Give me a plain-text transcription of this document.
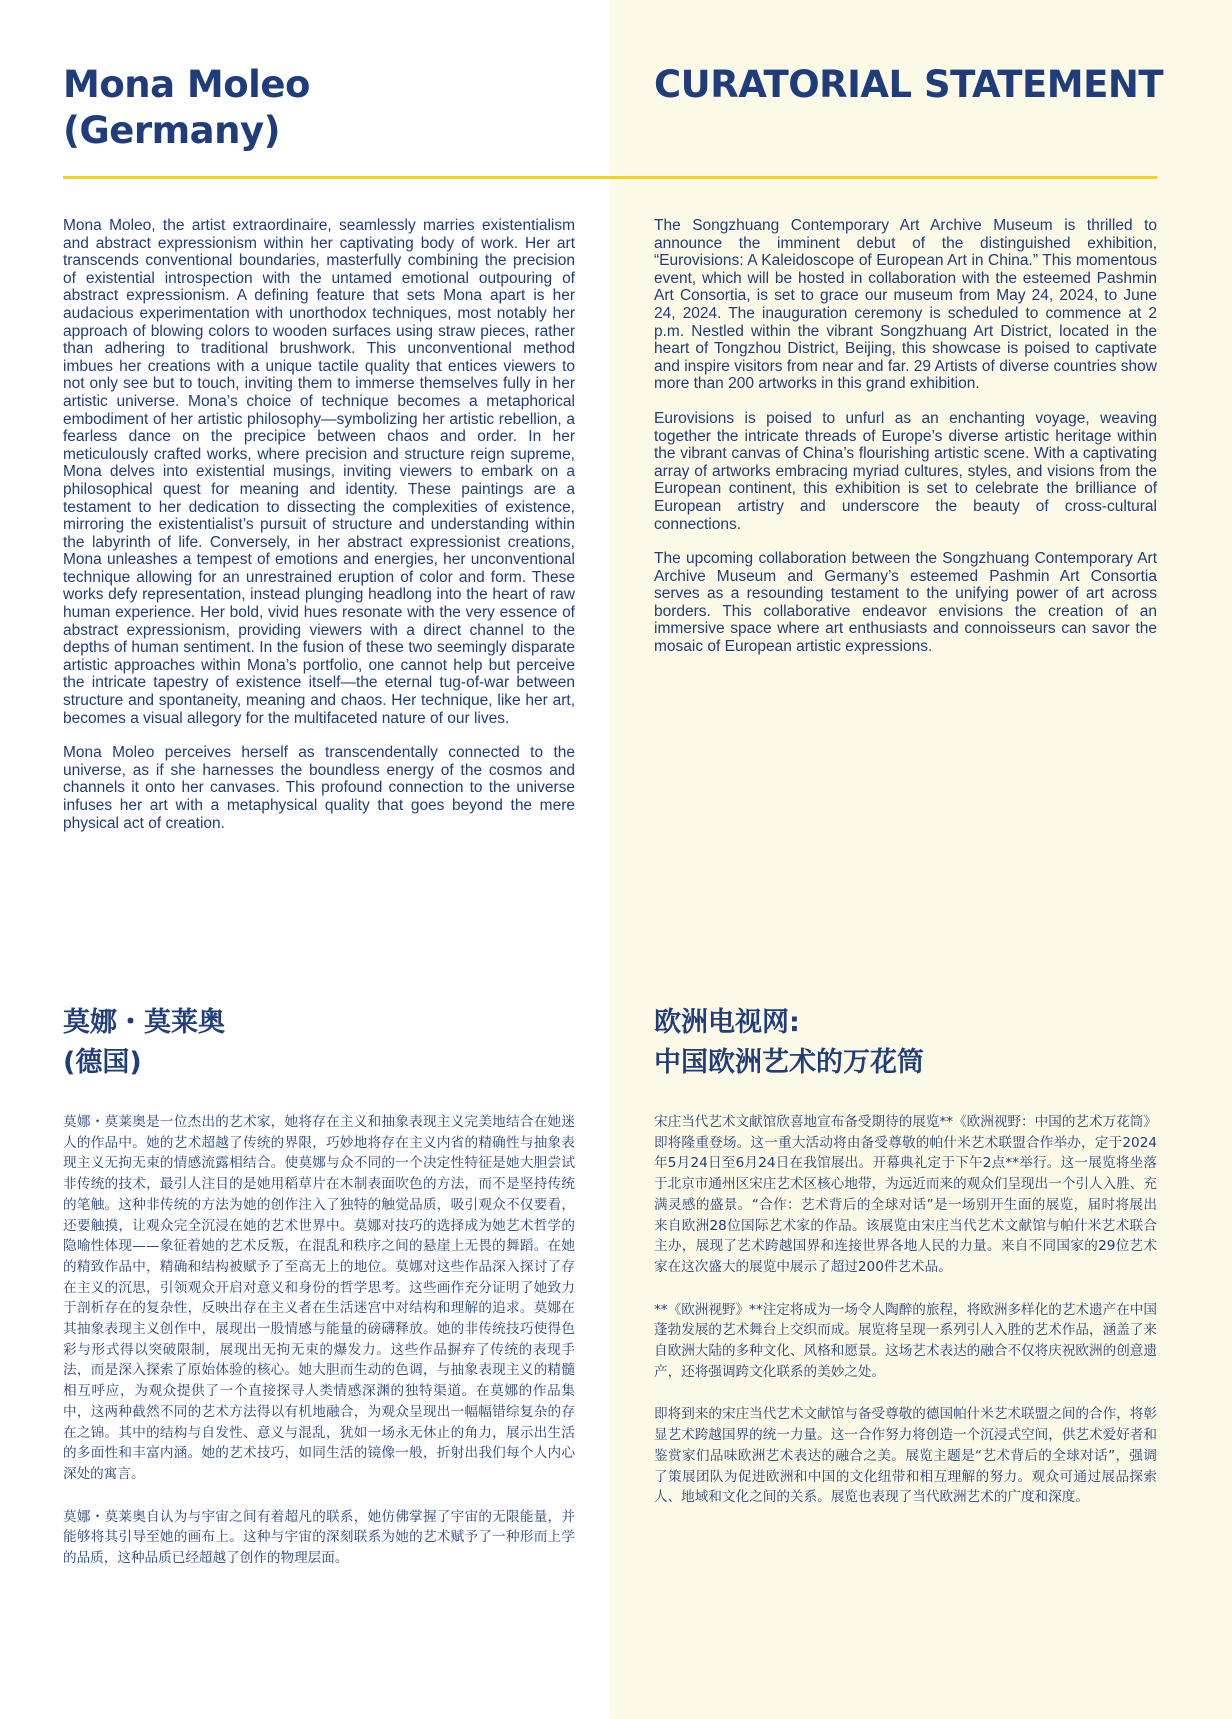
Mona Moleo
(Germany)
CURATORIAL STATEMENT

Mona Moleo, the artist extraordinaire, seamlessly marries existentialism and abstract expressionism within her captivating body of work. Her art transcends conventional boundaries, masterfully combining the precision of existential introspection with the untamed emotional outpouring of abstract expressionism. A defining feature that sets Mona apart is her audacious experimentation with unorthodox techniques, most notably her approach of blowing colors to wooden surfaces using straw pieces, rather than adhering to traditional brushwork. This unconventional method imbues her creations with a unique tactile quality that entices viewers to not only see but to touch, inviting them to immerse themselves fully in her artistic universe. Mona’s choice of technique becomes a metaphorical embodiment of her artistic philosophy—symbolizing her artistic rebellion, a fearless dance on the precipice between chaos and order. In her meticulously crafted works, where precision and structure reign supreme, Mona delves into existential musings, inviting viewers to embark on a philosophical quest for meaning and identity. These paintings are a testament to her dedication to dissecting the complexities of existence, mirroring the existentialist’s pursuit of structure and understanding within the labyrinth of life. Conversely, in her abstract expressionist creations, Mona unleashes a tempest of emotions and energies, her unconventional technique allowing for an unrestrained eruption of color and form. These works defy representation, instead plunging headlong into the heart of raw human experience. Her bold, vivid hues resonate with the very essence of abstract expressionism, providing viewers with a direct channel to the depths of human sentiment. In the fusion of these two seemingly disparate artistic approaches within Mona’s portfolio, one cannot help but perceive the intricate tapestry of existence itself—the eternal tug-of-war between structure and spontaneity, meaning and chaos. Her technique, like her art, becomes a visual allegory for the multifaceted nature of our lives.

Mona Moleo perceives herself as transcendentally connected to the universe, as if she harnesses the boundless energy of the cosmos and channels it onto her canvases. This profound connection to the universe infuses her art with a metaphysical quality that goes beyond the mere physical act of creation.

The Songzhuang Contemporary Art Archive Museum is thrilled to announce the imminent debut of the distinguished exhibition, “Eurovisions: A Kaleidoscope of European Art in China.” This momentous event, which will be hosted in collaboration with the esteemed Pashmin Art Consortia, is set to grace our museum from May 24, 2024, to June 24, 2024. The inauguration ceremony is scheduled to commence at 2 p.m. Nestled within the vibrant Songzhuang Art District, located in the heart of Tongzhou District, Beijing, this showcase is poised to captivate and inspire visitors from near and far. 29 Artists of diverse countries show more than 200 artworks in this grand exhibition.

Eurovisions is poised to unfurl as an enchanting voyage, weaving together the intricate threads of Europe’s diverse artistic heritage within the vibrant canvas of China’s flourishing artistic scene. With a captivating array of artworks embracing myriad cultures, styles, and visions from the European continent, this exhibition is set to celebrate the brilliance of European artistry and underscore the beauty of cross-cultural connections.

The upcoming collaboration between the Songzhuang Contemporary Art Archive Museum and Germany’s esteemed Pashmin Art Consortia serves as a resounding testament to the unifying power of art across borders. This collaborative endeavor envisions the creation of an immersive space where art enthusiasts and connoisseurs can savor the mosaic of European artistic expressions.

莫娜・莫莱奥
(德国)
欧洲电视网:
中国欧洲艺术的万花筒

莫娜・莫莱奥是一位杰出的艺术家，她将存在主义和抽象表现主义完美地结合在她迷人的作品中。她的艺术超越了传统的界限，巧妙地将存在主义内省的精确性与抽象表现主义无拘无束的情感流露相结合。使莫娜与众不同的一个决定性特征是她大胆尝试非传统的技术，最引人注目的是她用稻草片在木制表面吹色的方法，而不是坚持传统的笔触。这种非传统的方法为她的创作注入了独特的触觉品质，吸引观众不仅要看，还要触摸，让观众完全沉浸在她的艺术世界中。莫娜对技巧的选择成为她艺术哲学的隐喻性体现——象征着她的艺术反叛，在混乱和秩序之间的悬崖上无畏的舞蹈。在她的精致作品中，精确和结构被赋予了至高无上的地位。莫娜对这些作品深入探讨了存在主义的沉思，引领观众开启对意义和身份的哲学思考。这些画作充分证明了她致力于剖析存在的复杂性，反映出存在主义者在生活迷宫中对结构和理解的追求。莫娜在其抽象表现主义创作中，展现出一股情感与能量的磅礴释放。她的非传统技巧使得色彩与形式得以突破限制，展现出无拘无束的爆发力。这些作品摒弃了传统的表现手法，而是深入探索了原始体验的核心。她大胆而生动的色调，与抽象表现主义的精髓相互呼应，为观众提供了一个直接探寻人类情感深渊的独特渠道。在莫娜的作品集中，这两种截然不同的艺术方法得以有机地融合，为观众呈现出一幅幅错综复杂的存在之锦。其中的结构与自发性、意义与混乱，犹如一场永无休止的角力，展示出生活的多面性和丰富内涵。她的艺术技巧，如同生活的镜像一般，折射出我们每个人内心深处的寓言。

莫娜・莫莱奥自认为与宇宙之间有着超凡的联系，她仿佛掌握了宇宙的无限能量，并能够将其引导至她的画布上。这种与宇宙的深刻联系为她的艺术赋予了一种形而上学的品质，这种品质已经超越了创作的物理层面。

宋庄当代艺术文献馆欣喜地宣布备受期待的展览**《欧洲视野：中国的艺术万花筒》即将隆重登场。这一重大活动将由备受尊敬的帕什米艺术联盟合作举办，定于2024年5月24日至6月24日在我馆展出。开幕典礼定于下午2点**举行。这一展览将坐落于北京市通州区宋庄艺术区核心地带，为远近而来的观众们呈现出一个引人入胜、充满灵感的盛景。“合作：艺术背后的全球对话”是一场别开生面的展览，届时将展出来自欧洲28位国际艺术家的作品。该展览由宋庄当代艺术文献馆与帕什米艺术联合主办，展现了艺术跨越国界和连接世界各地人民的力量。来自不同国家的29位艺术家在这次盛大的展览中展示了超过200件艺术品。

**《欧洲视野》**注定将成为一场令人陶醉的旅程，将欧洲多样化的艺术遗产在中国蓬勃发展的艺术舞台上交织而成。展览将呈现一系列引人入胜的艺术作品，涵盖了来自欧洲大陆的多种文化、风格和愿景。这场艺术表达的融合不仅将庆祝欧洲的创意遗产，还将强调跨文化联系的美妙之处。

即将到来的宋庄当代艺术文献馆与备受尊敬的德国帕什米艺术联盟之间的合作，将彰显艺术跨越国界的统一力量。这一合作努力将创造一个沉浸式空间，供艺术爱好者和鉴赏家们品味欧洲艺术表达的融合之美。展览主题是“艺术背后的全球对话”，强调了策展团队为促进欧洲和中国的文化纽带和相互理解的努力。观众可通过展品探索人、地域和文化之间的关系。展览也表现了当代欧洲艺术的广度和深度。
